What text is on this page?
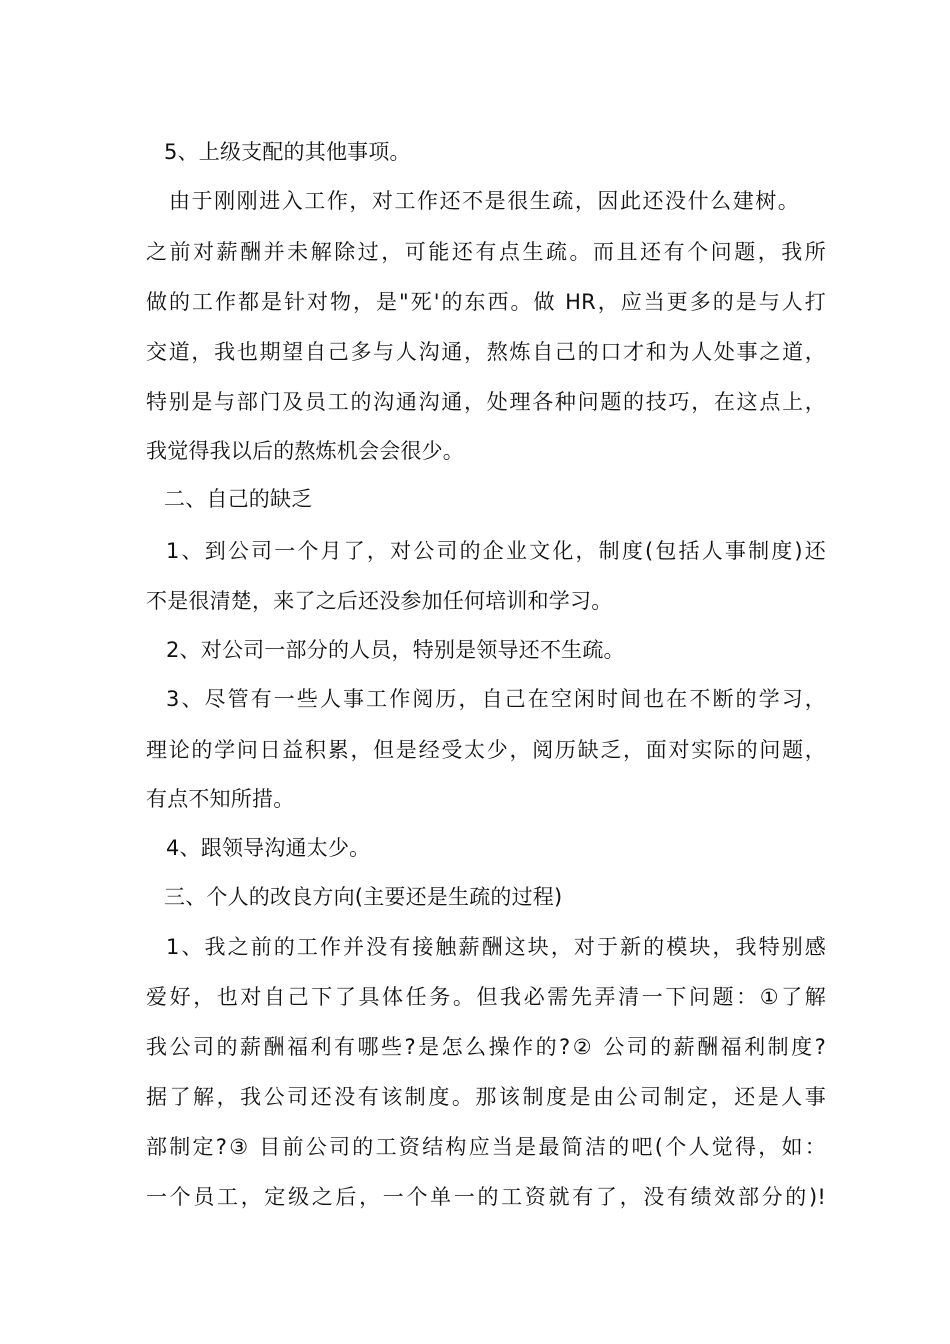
5、上级支配的其他事项。
由于刚刚进入工作，对工作还不是很生疏，因此还没什么建树。
之前对薪酬并未解除过，可能还有点生疏。而且还有个问题，我所
做的工作都是针对物，是"死'的东西。做 HR，应当更多的是与人打
交道，我也期望自己多与人沟通，熬炼自己的口才和为人处事之道，
特别是与部门及员工的沟通沟通，处理各种问题的技巧，在这点上，
我觉得我以后的熬炼机会会很少。
二、自己的缺乏
1、到公司一个月了，对公司的企业文化，制度(包括人事制度)还
不是很清楚，来了之后还没参加任何培训和学习。
2、对公司一部分的人员，特别是领导还不生疏。
3、尽管有一些人事工作阅历，自己在空闲时间也在不断的学习，
理论的学问日益积累，但是经受太少，阅历缺乏，面对实际的问题，
有点不知所措。
4、跟领导沟通太少。
三、个人的改良方向(主要还是生疏的过程)
1、我之前的工作并没有接触薪酬这块，对于新的模块，我特别感
爱好，也对自己下了具体任务。但我必需先弄清一下问题：①了解
我公司的薪酬福利有哪些?是怎么操作的?② 公司的薪酬福利制度?
据了解，我公司还没有该制度。那该制度是由公司制定，还是人事
部制定?③ 目前公司的工资结构应当是最简洁的吧(个人觉得，如：
一个员工，定级之后，一个单一的工资就有了，没有绩效部分的)!
